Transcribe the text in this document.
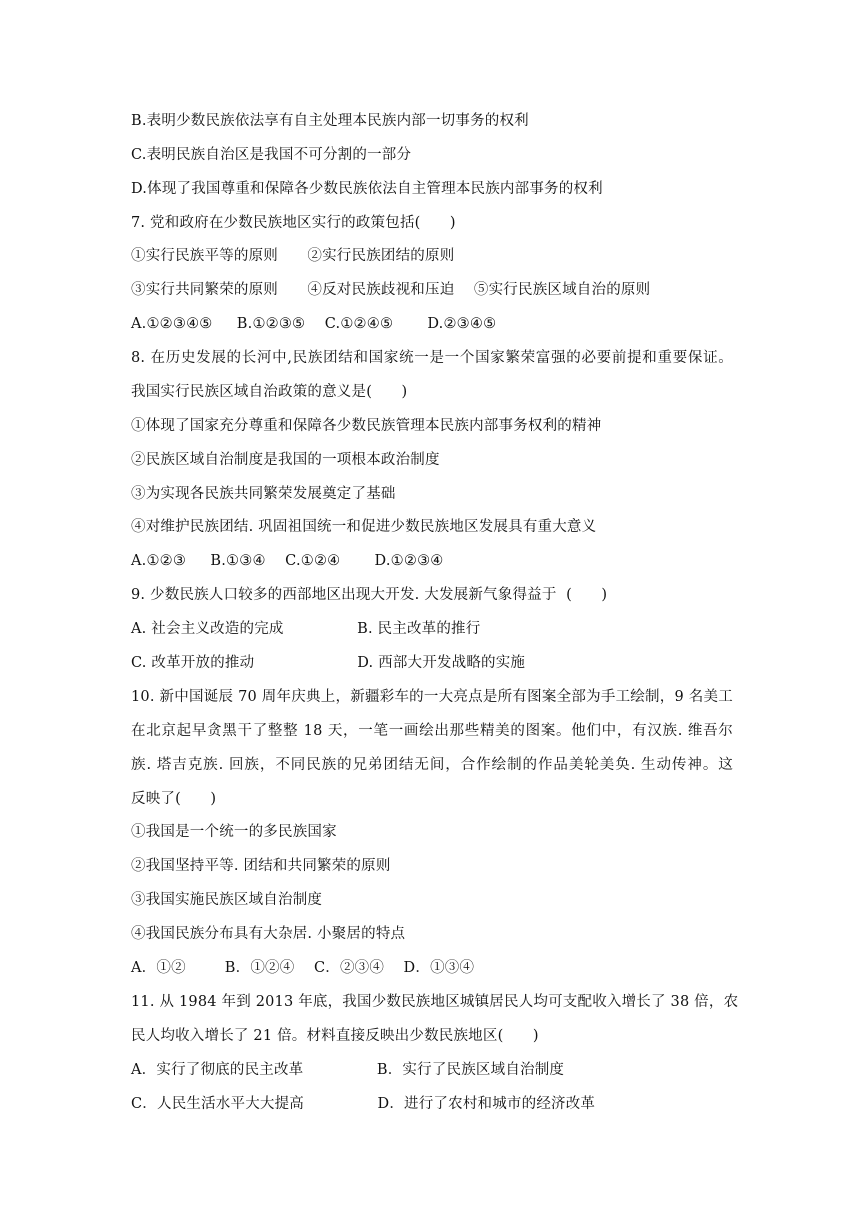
B.表明少数民族依法享有自主处理本民族内部一切事务的权利
C.表明民族自治区是我国不可分割的一部分
D.体现了我国尊重和保障各少数民族依法自主管理本民族内部事务的权利
7. 党和政府在少数民族地区实行的政策包括(　　)
①实行民族平等的原则　　②实行民族团结的原则
③实行共同繁荣的原则　　④反对民族歧视和压迫　 ⑤实行民族区域自治的原则
A.①②③④⑤　  B.①②③⑤　 C.①②④⑤　　 D.②③④⑤
8. 在历史发展的长河中,民族团结和国家统一是一个国家繁荣富强的必要前提和重要保证。
我国实行民族区域自治政策的意义是(　　)
①体现了国家充分尊重和保障各少数民族管理本民族内部事务权利的精神
②民族区域自治制度是我国的一项根本政治制度
③为实现各民族共同繁荣发展奠定了基础
④对维护民族团结. 巩固祖国统一和促进少数民族地区发展具有重大意义
A.①②③　  B.①③④　 C.①②④　　 D.①②③④
9. 少数民族人口较多的西部地区出现大开发. 大发展新气象得益于  (　　)
A. 社会主义改造的完成　　　　　B. 民主改革的推行
C. 改革开放的推动　　　　　　　D. 西部大开发战略的实施
10. 新中国诞辰 70 周年庆典上，新疆彩车的一大亮点是所有图案全部为手工绘制，9 名美工
在北京起早贪黑干了整整 18 天，一笔一画绘出那些精美的图案。他们中，有汉族. 维吾尔
族. 塔吉克族. 回族，不同民族的兄弟团结无间，合作绘制的作品美轮美奂. 生动传神。这
反映了(　　)
①我国是一个统一的多民族国家
②我国坚持平等. 团结和共同繁荣的原则
③我国实施民族区域自治制度
④我国民族分布具有大杂居. 小聚居的特点
A．①②　　  B．①②④　 C．②③④　 D．①③④
11. 从 1984 年到 2013 年底，我国少数民族地区城镇居民人均可支配收入增长了 38 倍，农
民人均收入增长了 21 倍。材料直接反映出少数民族地区(　　)
A．实行了彻底的民主改革　　　　　B．实行了民族区域自治制度
C．人民生活水平大大提高　　　　　D．进行了农村和城市的经济改革
